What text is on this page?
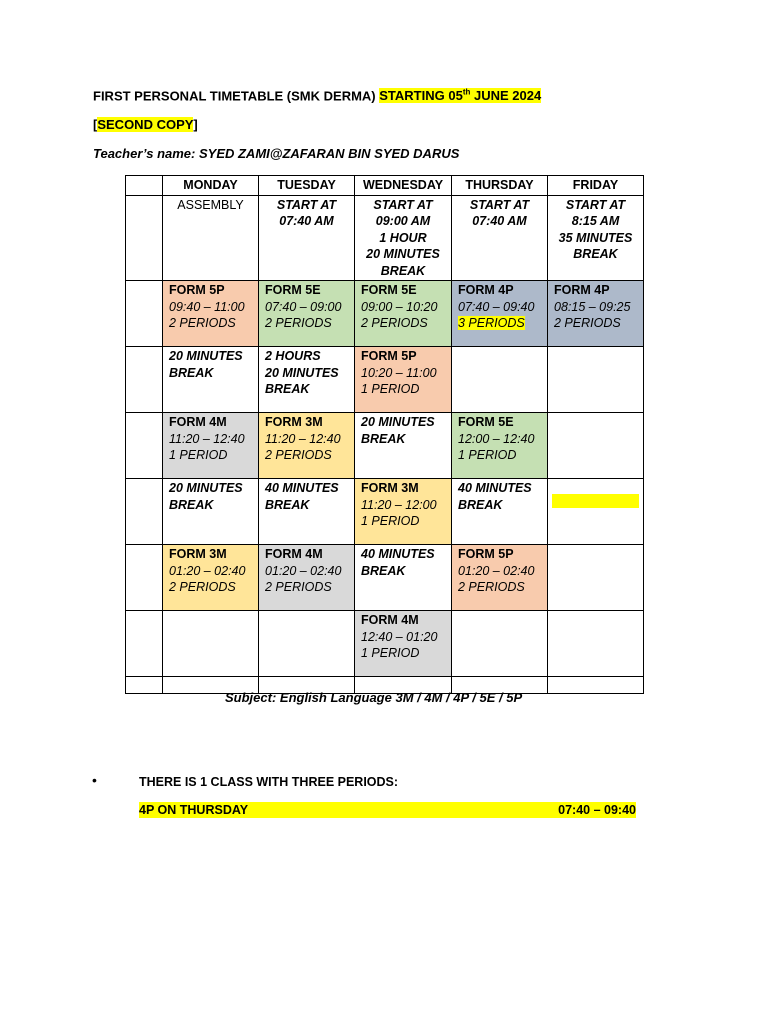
FIRST PERSONAL TIMETABLE (SMK DERMA) STARTING 05th JUNE 2024
[SECOND COPY]
Teacher’s name: SYED ZAMI@ZAFARAN BIN SYED DARUS
	MONDAY	TUESDAY	WEDNESDAY	THURSDAY	FRIDAY
	ASSEMBLY	START AT
07:40 AM	START AT
09:00 AM
1 HOUR
20 MINUTES
BREAK	START AT
07:40 AM	START AT
8:15 AM
35 MINUTES
BREAK

	FORM 5P
09:40 – 11:00
2 PERIODS	FORM 5E
07:40 – 09:00
2 PERIODS	FORM 5E
09:00 – 10:20
2 PERIODS	FORM 4P
07:40 – 09:40
3 PERIODS	FORM 4P
08:15 – 09:25
2 PERIODS

	20 MINUTES
BREAK	2 HOURS
20 MINUTES
BREAK	FORM 5P
10:20 – 11:00
1 PERIOD		

	FORM 4M
11:20 – 12:40
1 PERIOD	FORM 3M
11:20 – 12:40
2 PERIODS	20 MINUTES
BREAK	FORM 5E
12:00 – 12:40
1 PERIOD	

	20 MINUTES
BREAK	40 MINUTES
BREAK	FORM 3M
11:20 – 12:00
1 PERIOD	40 MINUTES
BREAK	

	FORM 3M
01:20 – 02:40
2 PERIODS	FORM 4M
01:20 – 02:40
2 PERIODS	40 MINUTES
BREAK	FORM 5P
01:20 – 02:40
2 PERIODS	

			FORM 4M
12:40 – 01:20
1 PERIOD		

Subject: English Language 3M / 4M / 4P / 5E / 5P
•	THERE IS 1 CLASS WITH THREE PERIODS:
4P ON THURSDAY	07:40 – 09:40
